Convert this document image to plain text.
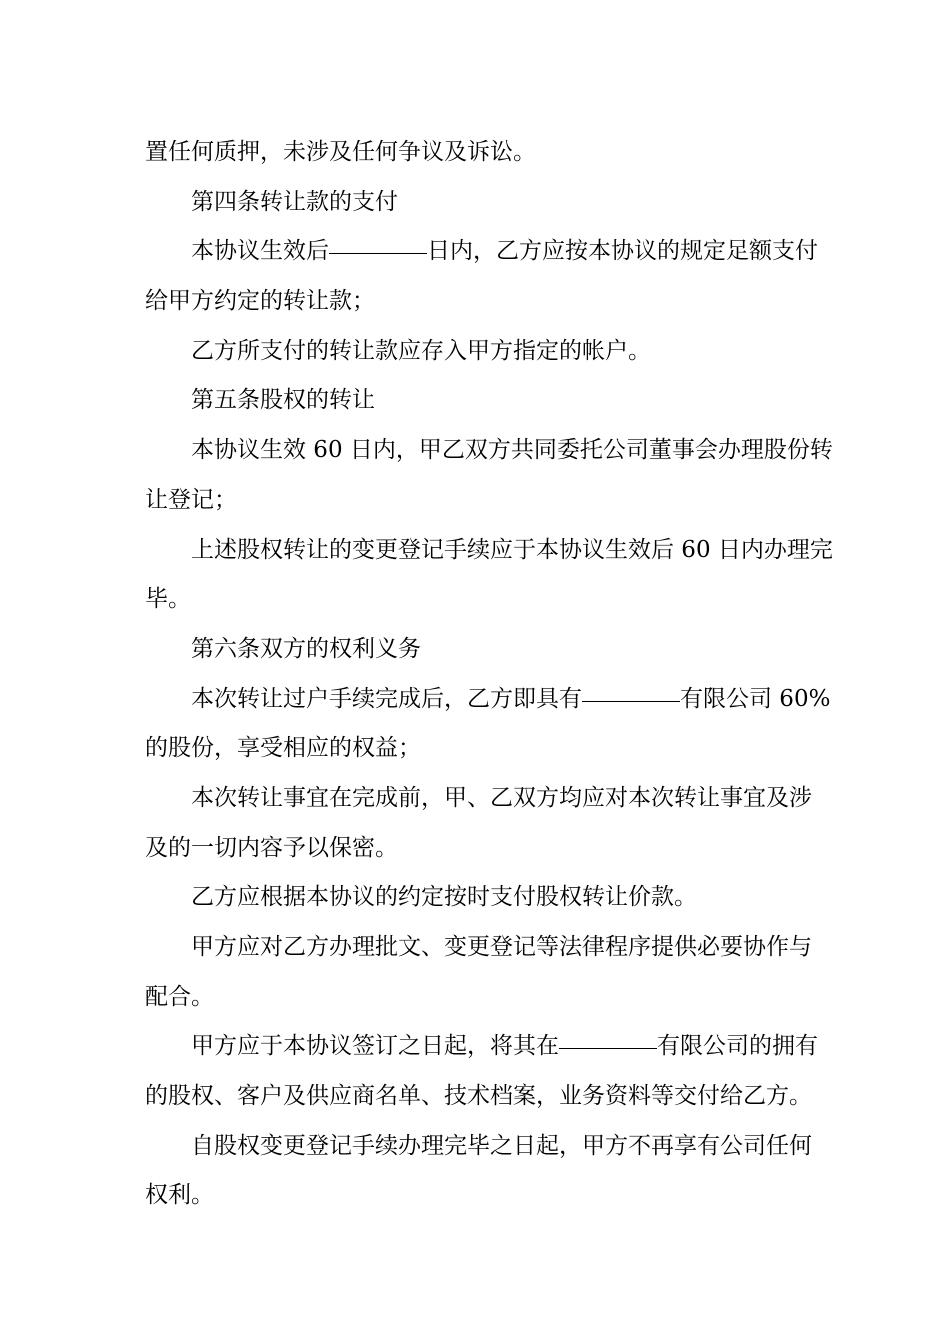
置任何质押，未涉及任何争议及诉讼。
第四条转让款的支付
本协议生效后	日内，乙方应按本协议的规定足额支付
给甲方约定的转让款；
乙方所支付的转让款应存入甲方指定的帐户。
第五条股权的转让
本协议生效 60 日内，甲乙双方共同委托公司董事会办理股份转
让登记；
上述股权转让的变更登记手续应于本协议生效后 60 日内办理完
毕。
第六条双方的权利义务
本次转让过户手续完成后，乙方即具有	有限公司 60%
的股份，享受相应的权益；
本次转让事宜在完成前，甲、乙双方均应对本次转让事宜及涉
及的一切内容予以保密。
乙方应根据本协议的约定按时支付股权转让价款。
甲方应对乙方办理批文、变更登记等法律程序提供必要协作与
配合。
甲方应于本协议签订之日起，将其在	有限公司的拥有
的股权、客户及供应商名单、技术档案，业务资料等交付给乙方。
自股权变更登记手续办理完毕之日起，甲方不再享有公司任何
权利。
